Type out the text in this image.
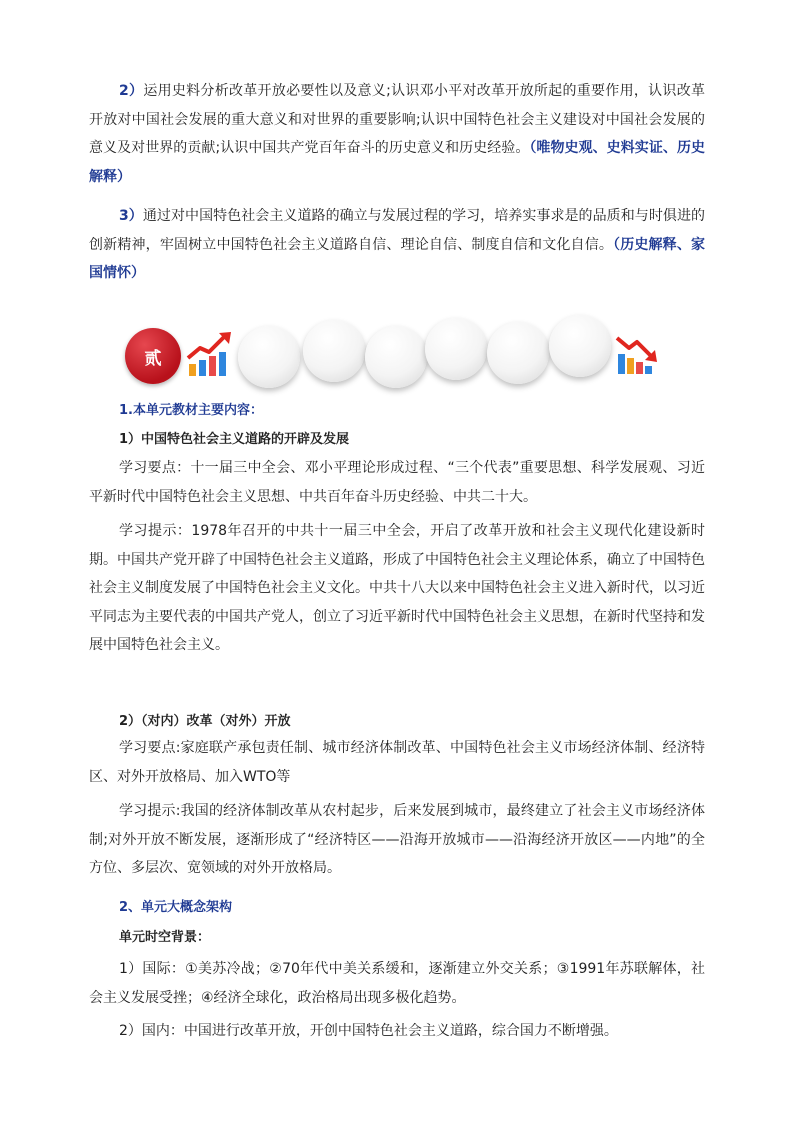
2）运用史料分析改革开放必要性以及意义;认识邓小平对改革开放所起的重要作用，认识改革开放对中国社会发展的重大意义和对世界的重要影响;认识中国特色社会主义建设对中国社会发展的意义及对世界的贡献;认识中国共产党百年奋斗的历史意义和历史经验。（唯物史观、史料实证、历史解释）

3）通过对中国特色社会主义道路的确立与发展过程的学习，培养实事求是的品质和与时俱进的创新精神，牢固树立中国特色社会主义道路自信、理论自信、制度自信和文化自信。（历史解释、家国情怀）

贰

1.本单元教材主要内容：

1）中国特色社会主义道路的开辟及发展

学习要点：十一届三中全会、邓小平理论形成过程、“三个代表”重要思想、科学发展观、习近平新时代中国特色社会主义思想、中共百年奋斗历史经验、中共二十大。

学习提示：1978年召开的中共十一届三中全会，开启了改革开放和社会主义现代化建设新时期。中国共产党开辟了中国特色社会主义道路，形成了中国特色社会主义理论体系，确立了中国特色社会主义制度发展了中国特色社会主义文化。中共十八大以来中国特色社会主义进入新时代，以习近平同志为主要代表的中国共产党人，创立了习近平新时代中国特色社会主义思想，在新时代坚持和发展中国特色社会主义。

2）（对内）改革（对外）开放

学习要点:家庭联产承包责任制、城市经济体制改革、中国特色社会主义市场经济体制、经济特区、对外开放格局、加入WTO等

学习提示:我国的经济体制改革从农村起步，后来发展到城市，最终建立了社会主义市场经济体制;对外开放不断发展，逐渐形成了“经济特区——沿海开放城市——沿海经济开放区——内地”的全方位、多层次、宽领域的对外开放格局。

2、单元大概念架构

单元时空背景：

1）国际：①美苏冷战；②70年代中美关系缓和，逐渐建立外交关系；③1991年苏联解体，社会主义发展受挫；④经济全球化，政治格局出现多极化趋势。

2）国内：中国进行改革开放，开创中国特色社会主义道路，综合国力不断增强。
